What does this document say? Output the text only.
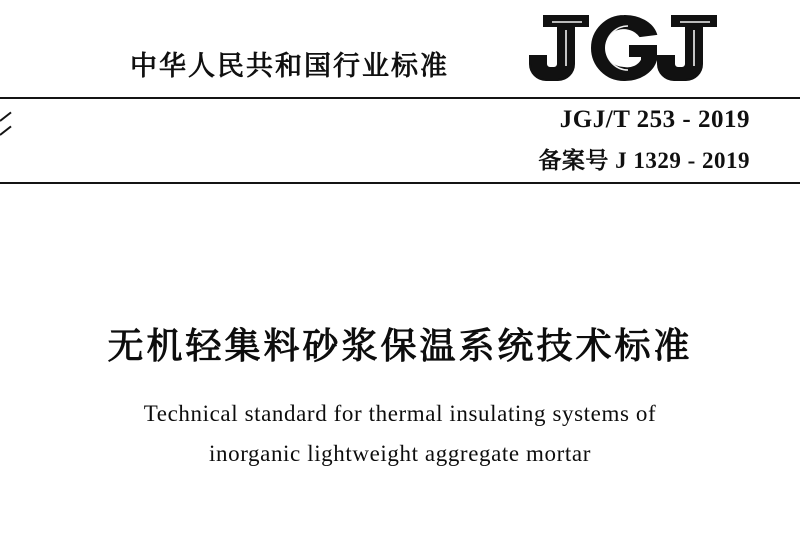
中华人民共和国行业标准
JGJ/T 253 - 2019
备案号 J 1329 - 2019
无机轻集料砂浆保温系统技术标准
Technical standard for thermal insulating systems of
inorganic lightweight aggregate mortar
